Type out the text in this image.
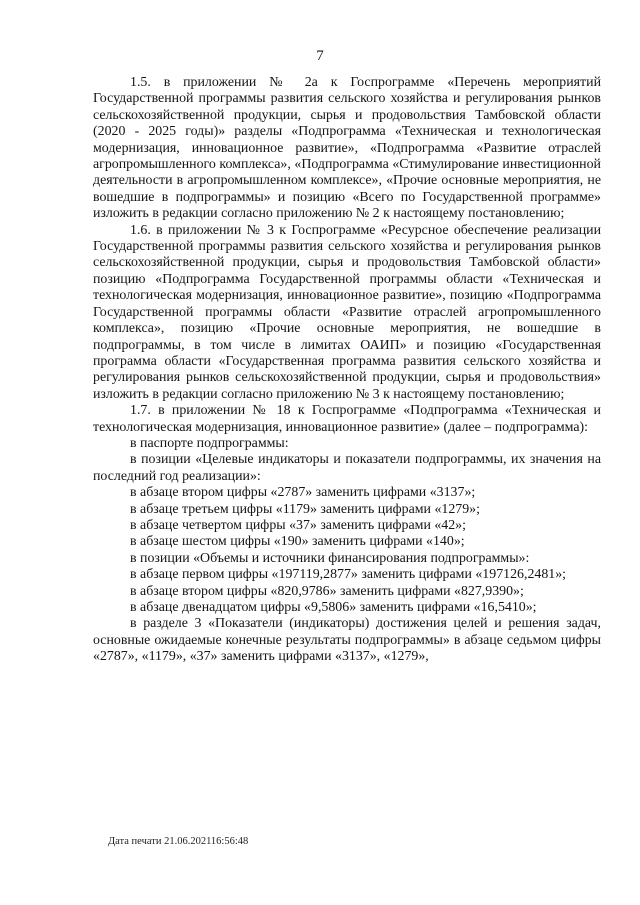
7

1.5. в приложении № 2а к Госпрограмме «Перечень мероприятий Государственной программы развития сельского хозяйства и регулирования рынков сельскохозяйственной продукции, сырья и продовольствия Тамбовской области (2020 - 2025 годы)» разделы «Подпрограмма «Техническая и технологическая модернизация, инновационное развитие», «Подпрограмма «Развитие отраслей агропромышленного комплекса», «Подпрограмма «Стимулирование инвестиционной деятельности в агропромышленном комплексе», «Прочие основные мероприятия, не вошедшие в подпрограммы» и позицию «Всего по Государственной программе» изложить в редакции согласно приложению № 2 к настоящему постановлению;

1.6. в приложении № 3 к Госпрограмме «Ресурсное обеспечение реализации Государственной программы развития сельского хозяйства и регулирования рынков сельскохозяйственной продукции, сырья и продовольствия Тамбовской области» позицию «Подпрограмма Государственной программы области «Техническая и технологическая модернизация, инновационное развитие», позицию «Подпрограмма Государственной программы области «Развитие отраслей агропромышленного комплекса», позицию «Прочие основные мероприятия, не вошедшие в подпрограммы, в том числе в лимитах ОАИП» и позицию «Государственная программа области «Государственная программа развития сельского хозяйства и регулирования рынков сельскохозяйственной продукции, сырья и продовольствия» изложить в редакции согласно приложению № 3 к настоящему постановлению;

1.7. в приложении № 18 к Госпрограмме «Подпрограмма «Техническая и технологическая модернизация, инновационное развитие» (далее – подпрограмма):

в паспорте подпрограммы:

в позиции «Целевые индикаторы и показатели подпрограммы, их значения на последний год реализации»:

в абзаце втором цифры «2787» заменить цифрами «3137»;

в абзаце третьем цифры «1179» заменить цифрами «1279»;

в абзаце четвертом цифры «37» заменить цифрами «42»;

в абзаце шестом цифры «190» заменить цифрами «140»;

в позиции «Объемы и источники финансирования подпрограммы»:

в абзаце первом цифры «197119,2877» заменить цифрами «197126,2481»;

в абзаце втором цифры «820,9786» заменить цифрами «827,9390»;

в абзаце двенадцатом цифры «9,5806» заменить цифрами «16,5410»;

в разделе 3 «Показатели (индикаторы) достижения целей и решения задач, основные ожидаемые конечные результаты подпрограммы» в абзаце седьмом цифры «2787», «1179», «37» заменить цифрами «3137», «1279»,

Дата печати 21.06.202116:56:48
